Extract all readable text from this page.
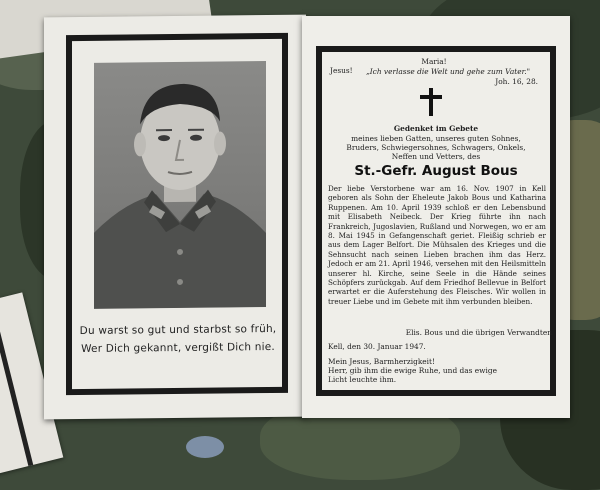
Du warst so gut und starbst so früh,
Wer Dich gekannt, vergißt Dich nie.
Jesus!
Maria!
„Ich verlasse die Welt und gehe zum Vater."
Joh. 16, 28.
Gedenket im Gebete
meines lieben Gatten, unseres guten Sohnes,
Bruders, Schwiegersohnes, Schwagers, Onkels,
Neffen und Vetters, des
St.-Gefr. August Bous
Der liebe Verstorbene war am 16. Nov. 1907 in Kell geboren als Sohn der Eheleute Jakob Bous und Katharina Ruppenen. Am 10. April 1939 schloß er den Lebensbund mit Elisabeth Neibeck. Der Krieg führte ihn nach Frankreich, Jugoslavien, Rußland und Norwegen, wo er am 8. Mai 1945 in Gefangenschaft geriet. Fleißig schrieb er aus dem Lager Belfort. Die Mühsalen des Krieges und die Sehnsucht nach seinen Lieben brachen ihm das Herz. Jedoch er am 21. April 1946, versehen mit den Heilsmitteln unserer hl. Kirche, seine Seele in die Hände seines Schöpfers zurückgab. Auf dem Friedhof Bellevue in Belfort erwartet er die Auferstehung des Fleisches. Wir wollen in treuer Liebe und im Gebete mit ihm verbunden bleiben.
Elis. Bous und die übrigen Verwandten
Kell, den 30. Januar 1947.
Mein Jesus, Barmherzigkeit!
Herr, gib ihm die ewige Ruhe, und das ewige
Licht leuchte ihm.
